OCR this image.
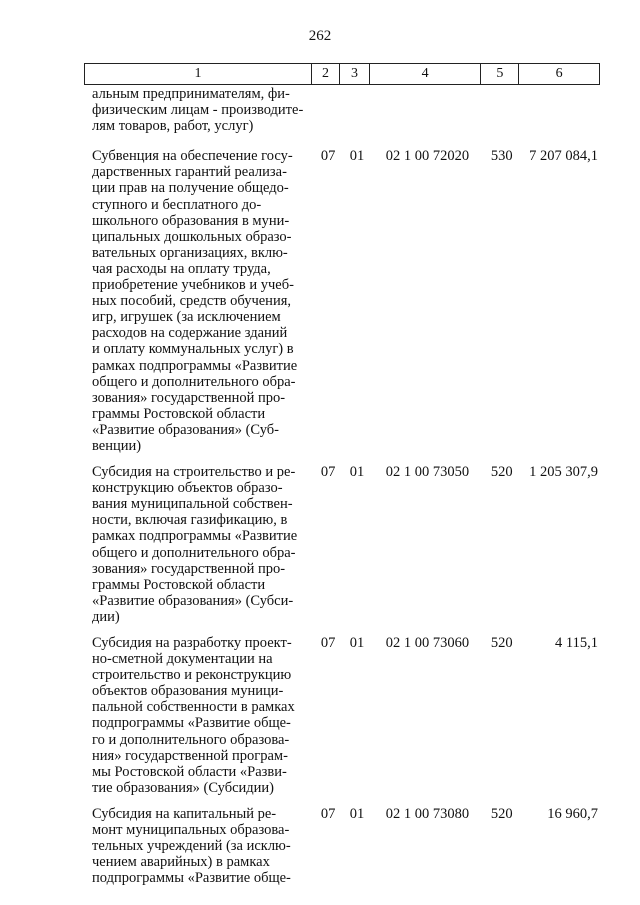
262
1	2	3	4	5	6
альным предпринимателям, фи-
физическим лицам - производите-
лям товаров, работ, услуг)
Субвенция на обеспечение госу-
дарственных гарантий реализа-
ции прав на получение общедо-
ступного и бесплатного до-
школьного образования в муни-
ципальных дошкольных образо-
вательных организациях, вклю-
чая расходы на оплату труда,
приобретение учебников и учеб-
ных пособий, средств обучения,
игр, игрушек (за исключением
расходов на содержание зданий
и оплату коммунальных услуг) в
рамках подпрограммы «Развитие
общего и дополнительного обра-
зования» государственной про-
граммы Ростовской области
«Развитие образования» (Суб-
венции)
07 01	02 1 00 72020	530	7 207 084,1
Субсидия на строительство и ре-
конструкцию объектов образо-
вания муниципальной собствен-
ности, включая газификацию, в
рамках подпрограммы «Развитие
общего и дополнительного обра-
зования» государственной про-
граммы Ростовской области
«Развитие образования» (Субси-
дии)
07 01	02 1 00 73050	520	1 205 307,9
Субсидия на разработку проект-
но-сметной документации на
строительство и реконструкцию
объектов образования муници-
пальной собственности в рамках
подпрограммы «Развитие обще-
го и дополнительного образова-
ния» государственной програм-
мы Ростовской области «Разви-
тие образования» (Субсидии)
07 01	02 1 00 73060	520	4 115,1
Субсидия на капитальный ре-
монт муниципальных образова-
тельных учреждений (за исклю-
чением аварийных) в рамках
подпрограммы «Развитие обще-
07 01	02 1 00 73080	520	16 960,7
